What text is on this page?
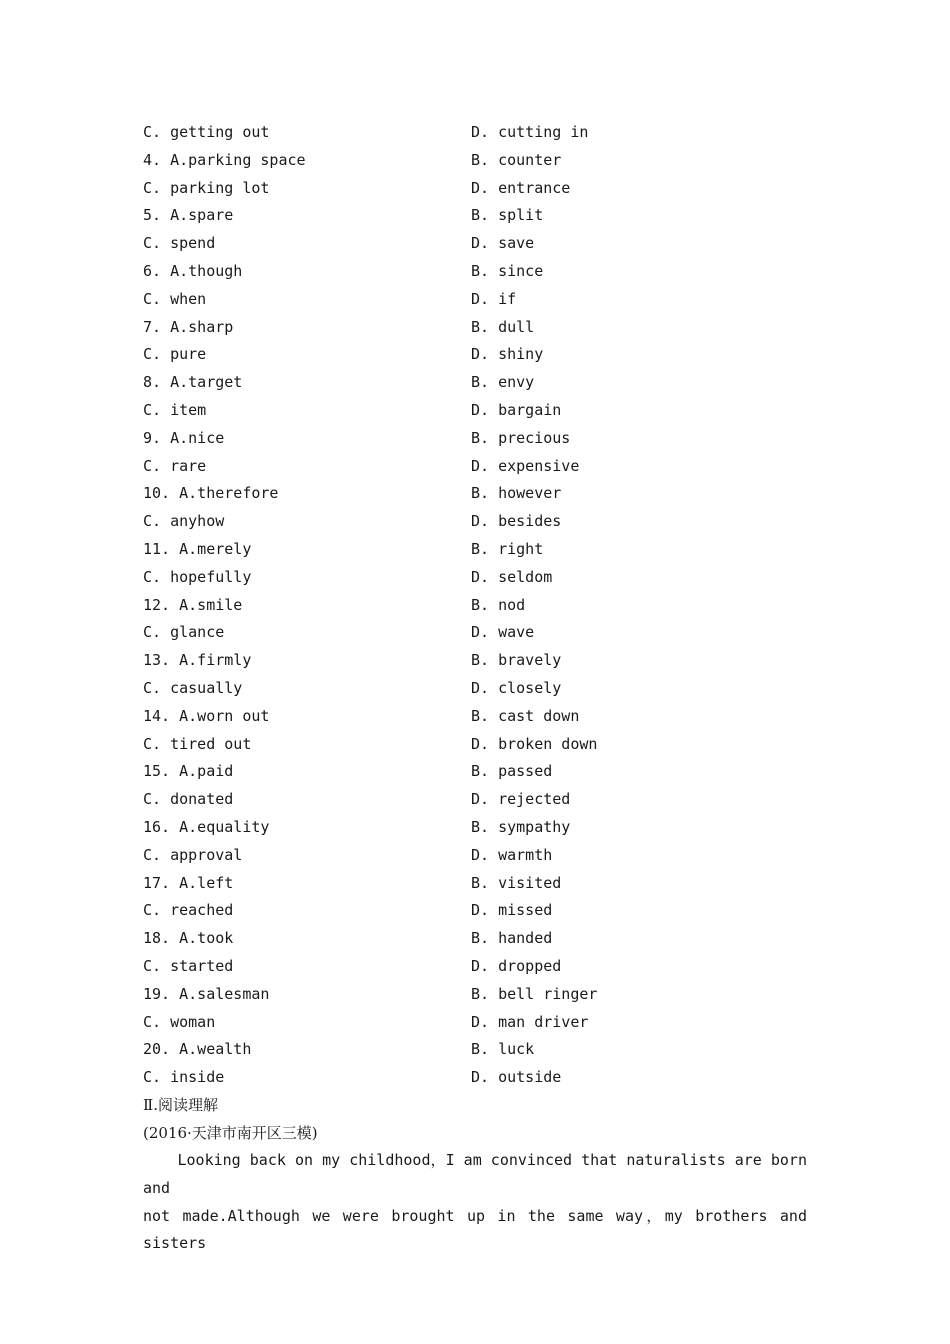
C. getting out	D. cutting in
4. A.parking space	B. counter
C. parking lot	D. entrance
5. A.spare	B. split
C. spend	D. save
6. A.though	B. since
C. when	D. if
7. A.sharp	B. dull
C. pure	D. shiny
8. A.target	B. envy
C. item	D. bargain
9. A.nice	B. precious
C. rare	D. expensive
10. A.therefore	B. however
C. anyhow	D. besides
11. A.merely	B. right
C. hopefully	D. seldom
12. A.smile	B. nod
C. glance	D. wave
13. A.firmly	B. bravely
C. casually	D. closely
14. A.worn out	B. cast down
C. tired out	D. broken down
15. A.paid	B. passed
C. donated	D. rejected
16. A.equality	B. sympathy
C. approval	D. warmth
17. A.left	B. visited
C. reached	D. missed
18. A.took	B. handed
C. started	D. dropped
19. A.salesman	B. bell ringer
C. woman	D. man driver
20. A.wealth	B. luck
C. inside	D. outside
Ⅱ.阅读理解
(2016·天津市南开区三模)

Looking back on my childhood，I am convinced that naturalists are born and

not made.Although we were brought up in the same way，my brothers and sisters
